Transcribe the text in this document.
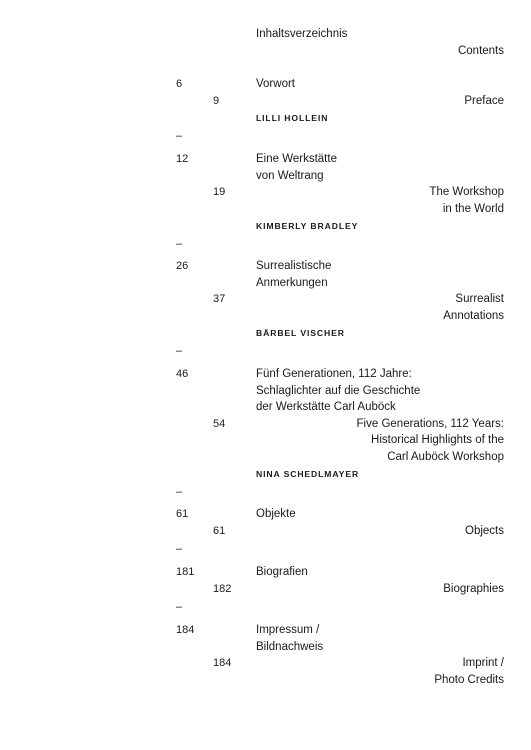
Inhaltsverzeichnis
Contents
6	Vorwort
9	Preface
LILLI HOLLEIN
12	Eine Werkstätte
von Weltrang
19	The Workshop
in the World
KIMBERLY BRADLEY
26	Surrealistische
Anmerkungen
37	Surrealist
Annotations
BÄRBEL VISCHER
46	Fünf Generationen, 112 Jahre:
Schlaglichter auf die Geschichte
der Werkstätte Carl Auböck
54	Five Generations, 112 Years:
Historical Highlights of the
Carl Auböck Workshop
NINA SCHEDLMAYER
61	Objekte
61	Objects
181	Biografien
182	Biographies
184	Impressum /
Bildnachweis
184	Imprint /
Photo Credits
–
–
–
–
–
–
